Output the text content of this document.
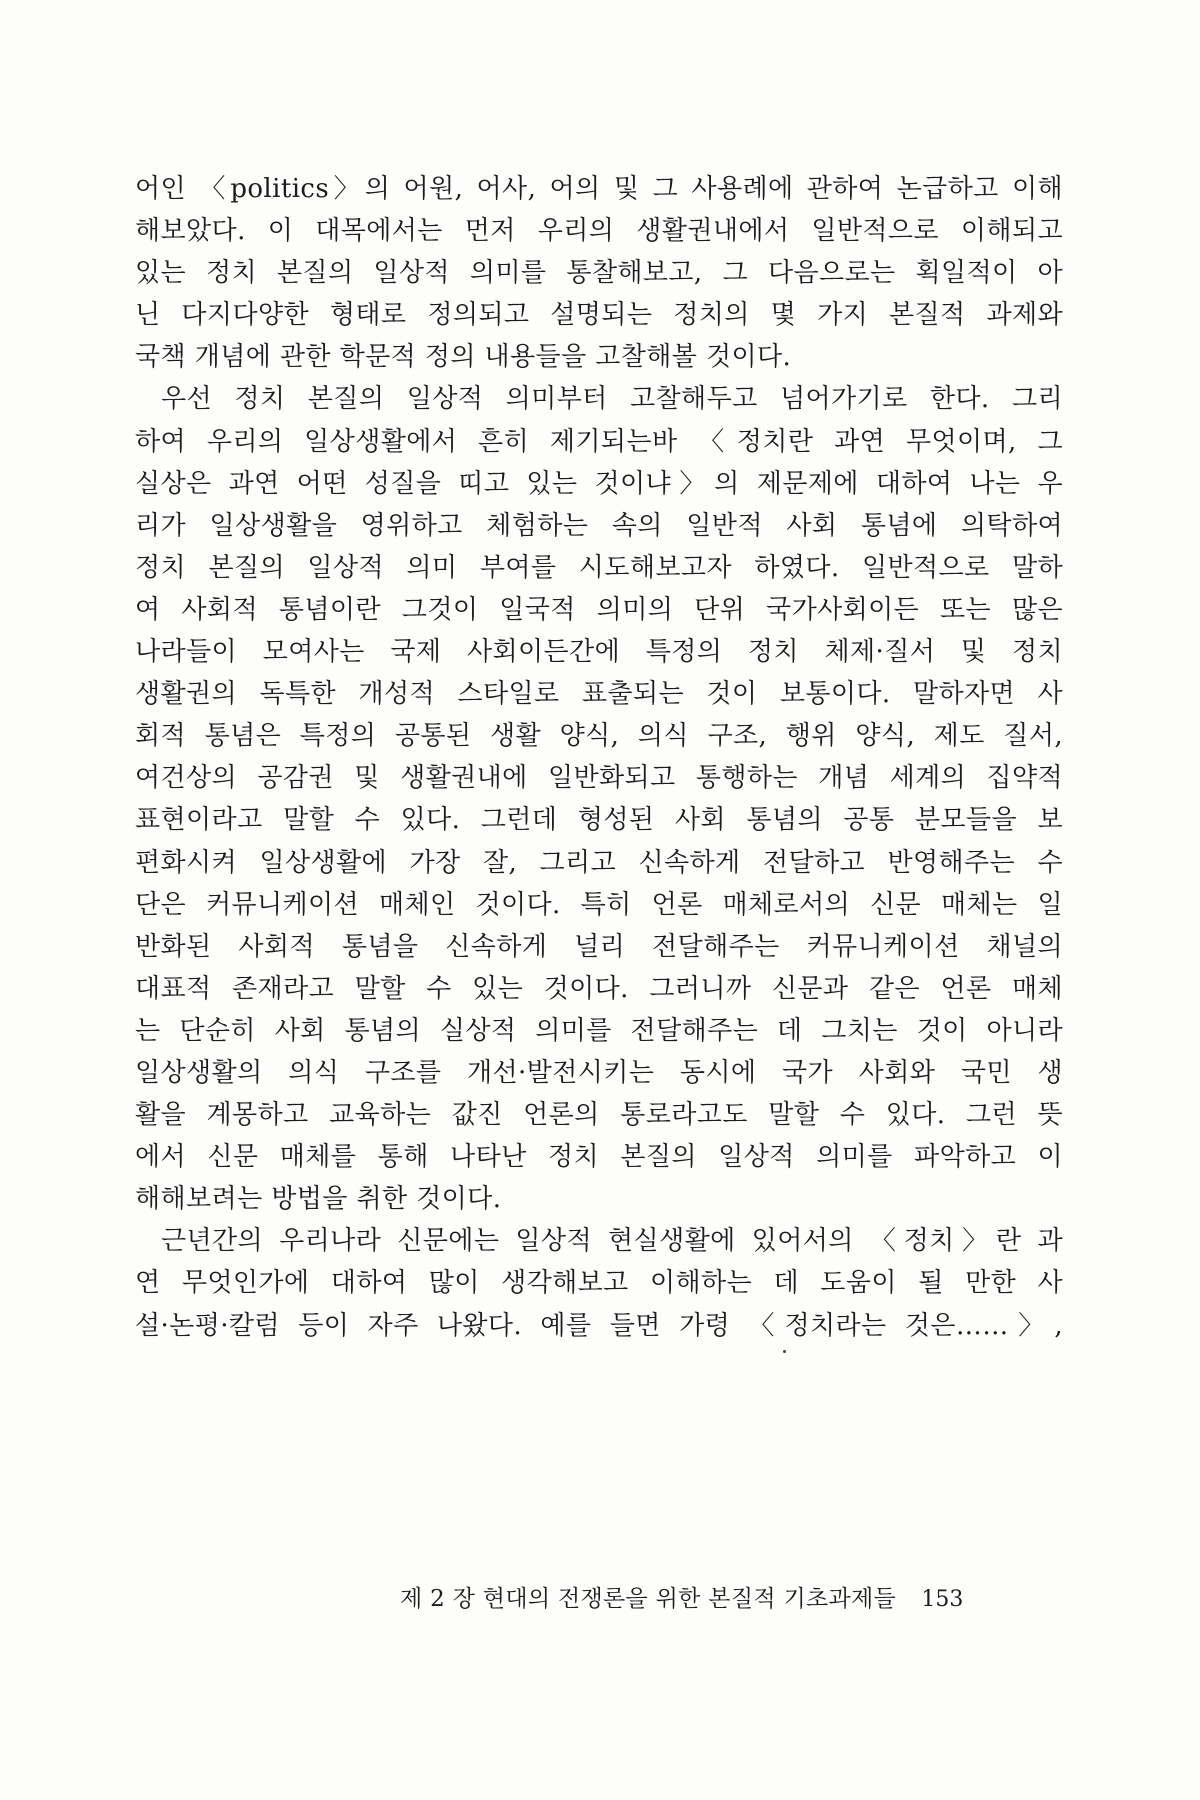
어인 〈politics〉의 어원, 어사, 어의 및 그 사용례에 관하여 논급하고 이해
해보았다. 이 대목에서는 먼저 우리의 생활권내에서 일반적으로 이해되고
있는 정치 본질의 일상적 의미를 통찰해보고, 그 다음으로는 획일적이 아
닌 다지다양한 형태로 정의되고 설명되는 정치의 몇 가지 본질적 과제와
국책 개념에 관한 학문적 정의 내용들을 고찰해볼 것이다.
우선 정치 본질의 일상적 의미부터 고찰해두고 넘어가기로 한다. 그리
하여 우리의 일상생활에서 흔히 제기되는바 〈정치란 과연 무엇이며, 그
실상은 과연 어떤 성질을 띠고 있는 것이냐〉의 제문제에 대하여 나는 우
리가 일상생활을 영위하고 체험하는 속의 일반적 사회 통념에 의탁하여
정치 본질의 일상적 의미 부여를 시도해보고자 하였다. 일반적으로 말하
여 사회적 통념이란 그것이 일국적 의미의 단위 국가사회이든 또는 많은
나라들이 모여사는 국제 사회이든간에 특정의 정치 체제·질서 및 정치
생활권의 독특한 개성적 스타일로 표출되는 것이 보통이다. 말하자면 사
회적 통념은 특정의 공통된 생활 양식, 의식 구조, 행위 양식, 제도 질서,
여건상의 공감권 및 생활권내에 일반화되고 통행하는 개념 세계의 집약적
표현이라고 말할 수 있다. 그런데 형성된 사회 통념의 공통 분모들을 보
편화시켜 일상생활에 가장 잘, 그리고 신속하게 전달하고 반영해주는 수
단은 커뮤니케이션 매체인 것이다. 특히 언론 매체로서의 신문 매체는 일
반화된 사회적 통념을 신속하게 널리 전달해주는 커뮤니케이션 채널의
대표적 존재라고 말할 수 있는 것이다. 그러니까 신문과 같은 언론 매체
는 단순히 사회 통념의 실상적 의미를 전달해주는 데 그치는 것이 아니라
일상생활의 의식 구조를 개선·발전시키는 동시에 국가 사회와 국민 생
활을 계몽하고 교육하는 값진 언론의 통로라고도 말할 수 있다. 그런 뜻
에서 신문 매체를 통해 나타난 정치 본질의 일상적 의미를 파악하고 이
해해보려는 방법을 취한 것이다.
근년간의 우리나라 신문에는 일상적 현실생활에 있어서의 〈정치〉란 과
연 무엇인가에 대하여 많이 생각해보고 이해하는 데 도움이 될 만한 사
설·논평·칼럼 등이 자주 나왔다. 예를 들면 가령 〈정치라는 것은……〉,
제 2 장 현대의 전쟁론을 위한 본질적 기초과제들 153
